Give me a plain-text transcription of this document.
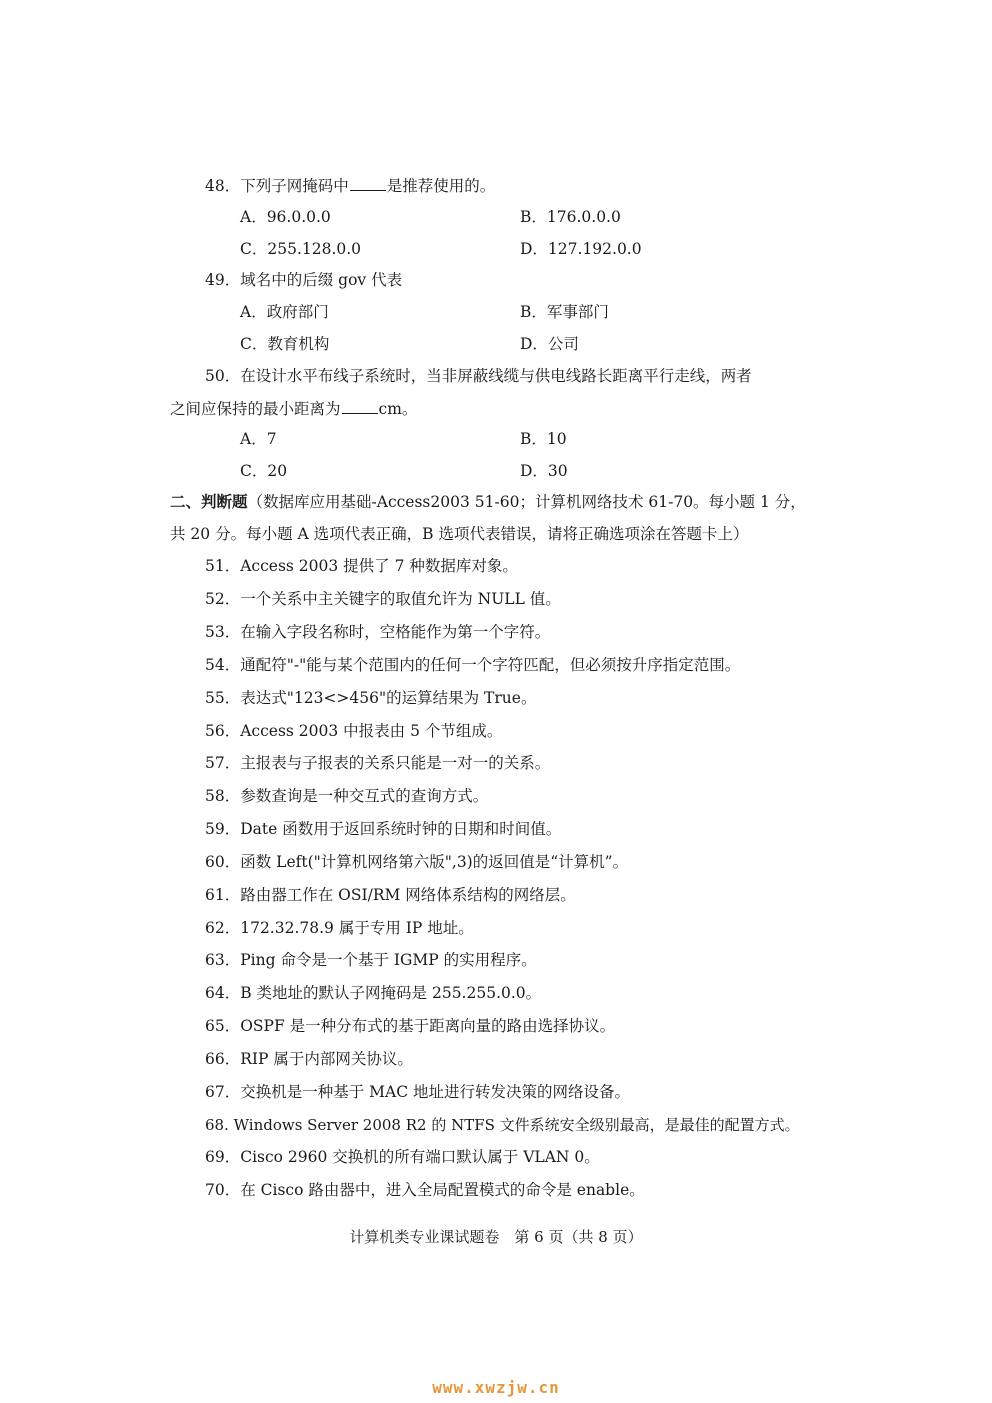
48．下列子网掩码中 是推荐使用的。
A．96.0.0.0	B．176.0.0.0
C．255.128.0.0	D．127.192.0.0
49．域名中的后缀 gov 代表
A．政府部门	B．军事部门
C．教育机构	D．公司
50．在设计水平布线子系统时，当非屏蔽线缆与供电线路长距离平行走线，两者
之间应保持的最小距离为 cm。
A．7	B．10
C．20	D．30
二、判断题（数据库应用基础-Access2003 51-60；计算机网络技术 61-70。每小题 1 分，
共 20 分。每小题 A 选项代表正确，B 选项代表错误，请将正确选项涂在答题卡上）
51．Access 2003 提供了 7 种数据库对象。
52．一个关系中主关键字的取值允许为 NULL 值。
53．在输入字段名称时，空格能作为第一个字符。
54．通配符"-"能与某个范围内的任何一个字符匹配，但必须按升序指定范围。
55．表达式"123<>456"的运算结果为 True。
56．Access 2003 中报表由 5 个节组成。
57．主报表与子报表的关系只能是一对一的关系。
58．参数查询是一种交互式的查询方式。
59．Date 函数用于返回系统时钟的日期和时间值。
60．函数 Left("计算机网络第六版",3)的返回值是“计算机”。
61．路由器工作在 OSI/RM 网络体系结构的网络层。
62．172.32.78.9 属于专用 IP 地址。
63．Ping 命令是一个基于 IGMP 的实用程序。
64．B 类地址的默认子网掩码是 255.255.0.0。
65．OSPF 是一种分布式的基于距离向量的路由选择协议。
66．RIP 属于内部网关协议。
67．交换机是一种基于 MAC 地址进行转发决策的网络设备。
68. Windows Server 2008 R2 的 NTFS 文件系统安全级别最高，是最佳的配置方式。
69．Cisco 2960 交换机的所有端口默认属于 VLAN 0。
70．在 Cisco 路由器中，进入全局配置模式的命令是 enable。
计算机类专业课试题卷　第 6 页（共 8 页）
www.xwzjw.cn
